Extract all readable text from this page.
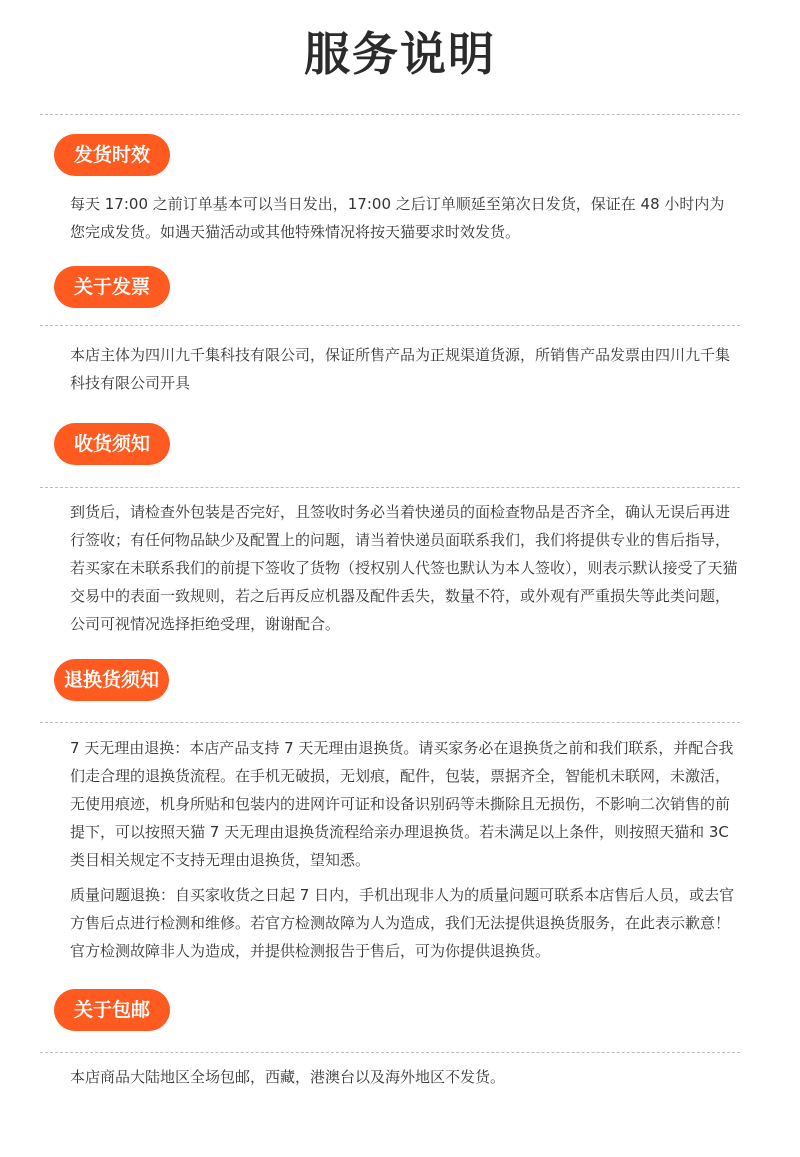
服务说明
发货时效

每天 17:00 之前订单基本可以当日发出，17:00 之后订单顺延至第次日发货，保证在 48 小时内为您完成发货。如遇天猫活动或其他特殊情况将按天猫要求时效发货。

关于发票

本店主体为四川九千集科技有限公司，保证所售产品为正规渠道货源，所销售产品发票由四川九千集科技有限公司开具

收货须知

到货后，请检查外包装是否完好，且签收时务必当着快递员的面检查物品是否齐全，确认无误后再进行签收；有任何物品缺少及配置上的问题，请当着快递员面联系我们，我们将提供专业的售后指导，若买家在未联系我们的前提下签收了货物（授权别人代签也默认为本人签收），则表示默认接受了天猫交易中的表面一致规则，若之后再反应机器及配件丢失，数量不符，或外观有严重损失等此类问题，公司可视情况选择拒绝受理，谢谢配合。

退换货须知

7 天无理由退换：本店产品支持 7 天无理由退换货。请买家务必在退换货之前和我们联系，并配合我们走合理的退换货流程。在手机无破损，无划痕，配件，包装，票据齐全，智能机未联网，未激活，无使用痕迹，机身所贴和包装内的进网许可证和设备识别码等未撕除且无损伤，不影响二次销售的前提下，可以按照天猫 7 天无理由退换货流程给亲办理退换货。若未满足以上条件，则按照天猫和 3C 类目相关规定不支持无理由退换货，望知悉。

质量问题退换：自买家收货之日起 7 日内，手机出现非人为的质量问题可联系本店售后人员，或去官方售后点进行检测和维修。若官方检测故障为人为造成，我们无法提供退换货服务，在此表示歉意！官方检测故障非人为造成，并提供检测报告于售后，可为你提供退换货。

关于包邮

本店商品大陆地区全场包邮，西藏，港澳台以及海外地区不发货。
